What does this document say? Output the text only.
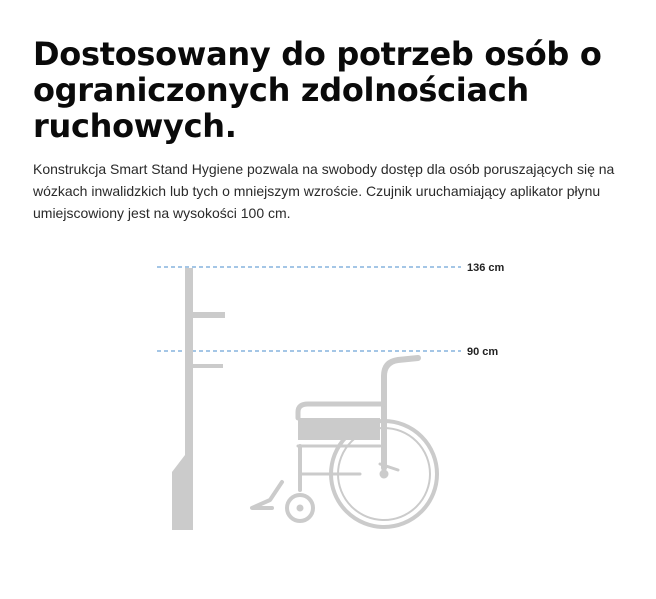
Dostosowany do potrzeb osób o ograniczonych zdolnościach ruchowych.

Konstrukcja Smart Stand Hygiene pozwala na swobody dostęp dla osób poruszających się na wózkach inwalidzkich lub tych o mniejszym wzroście. Czujnik uruchamiający aplikator płynu umiejscowiony jest na wysokości 100 cm.

136 cm
90 cm
